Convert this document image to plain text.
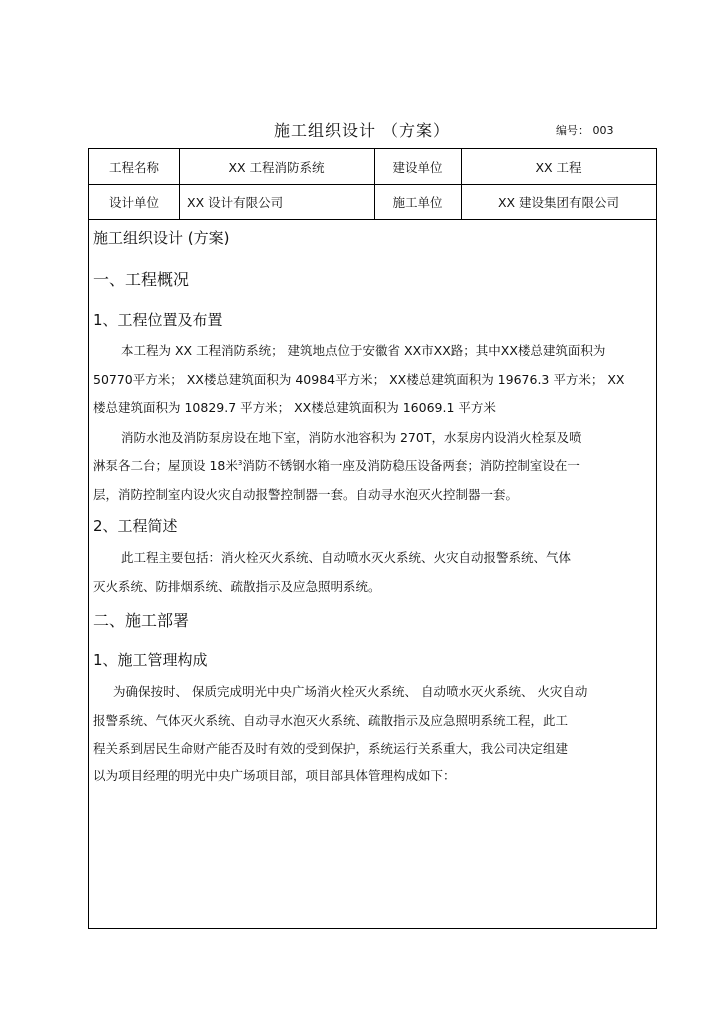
施工组织设计 （方案）	编号： 003
工程名称	XX 工程消防系统	建设单位	XX 工程
设计单位	XX 设计有限公司	施工单位	XX 建设集团有限公司
施工组织设计 (方案)
一、工程概况
1、工程位置及布置
本工程为 XX 工程消防系统； 建筑地点位于安徽省 XX市XX路；其中XX楼总建筑面积为
50770平方米； XX楼总建筑面积为 40984平方米； XX楼总建筑面积为 19676.3 平方米； XX
楼总建筑面积为 10829.7 平方米； XX楼总建筑面积为 16069.1 平方米
消防水池及消防泵房设在地下室，消防水池容积为 270T，水泵房内设消火栓泵及喷
淋泵各二台；屋顶设 18米$^3$消防不锈钢水箱一座及消防稳压设备两套；消防控制室设在一
层，消防控制室内设火灾自动报警控制器一套。自动寻水泡灭火控制器一套。
2、工程简述
此工程主要包括：消火栓灭火系统、自动喷水灭火系统、火灾自动报警系统、气体
灭火系统、防排烟系统、疏散指示及应急照明系统。
二、施工部署
1、施工管理构成
为确保按时、 保质完成明光中央广场消火栓灭火系统、 自动喷水灭火系统、 火灾自动
报警系统、气体灭火系统、自动寻水泡灭火系统、疏散指示及应急照明系统工程，此工
程关系到居民生命财产能否及时有效的受到保护，系统运行关系重大，我公司决定组建
以为项目经理的明光中央广场项目部，项目部具体管理构成如下：
